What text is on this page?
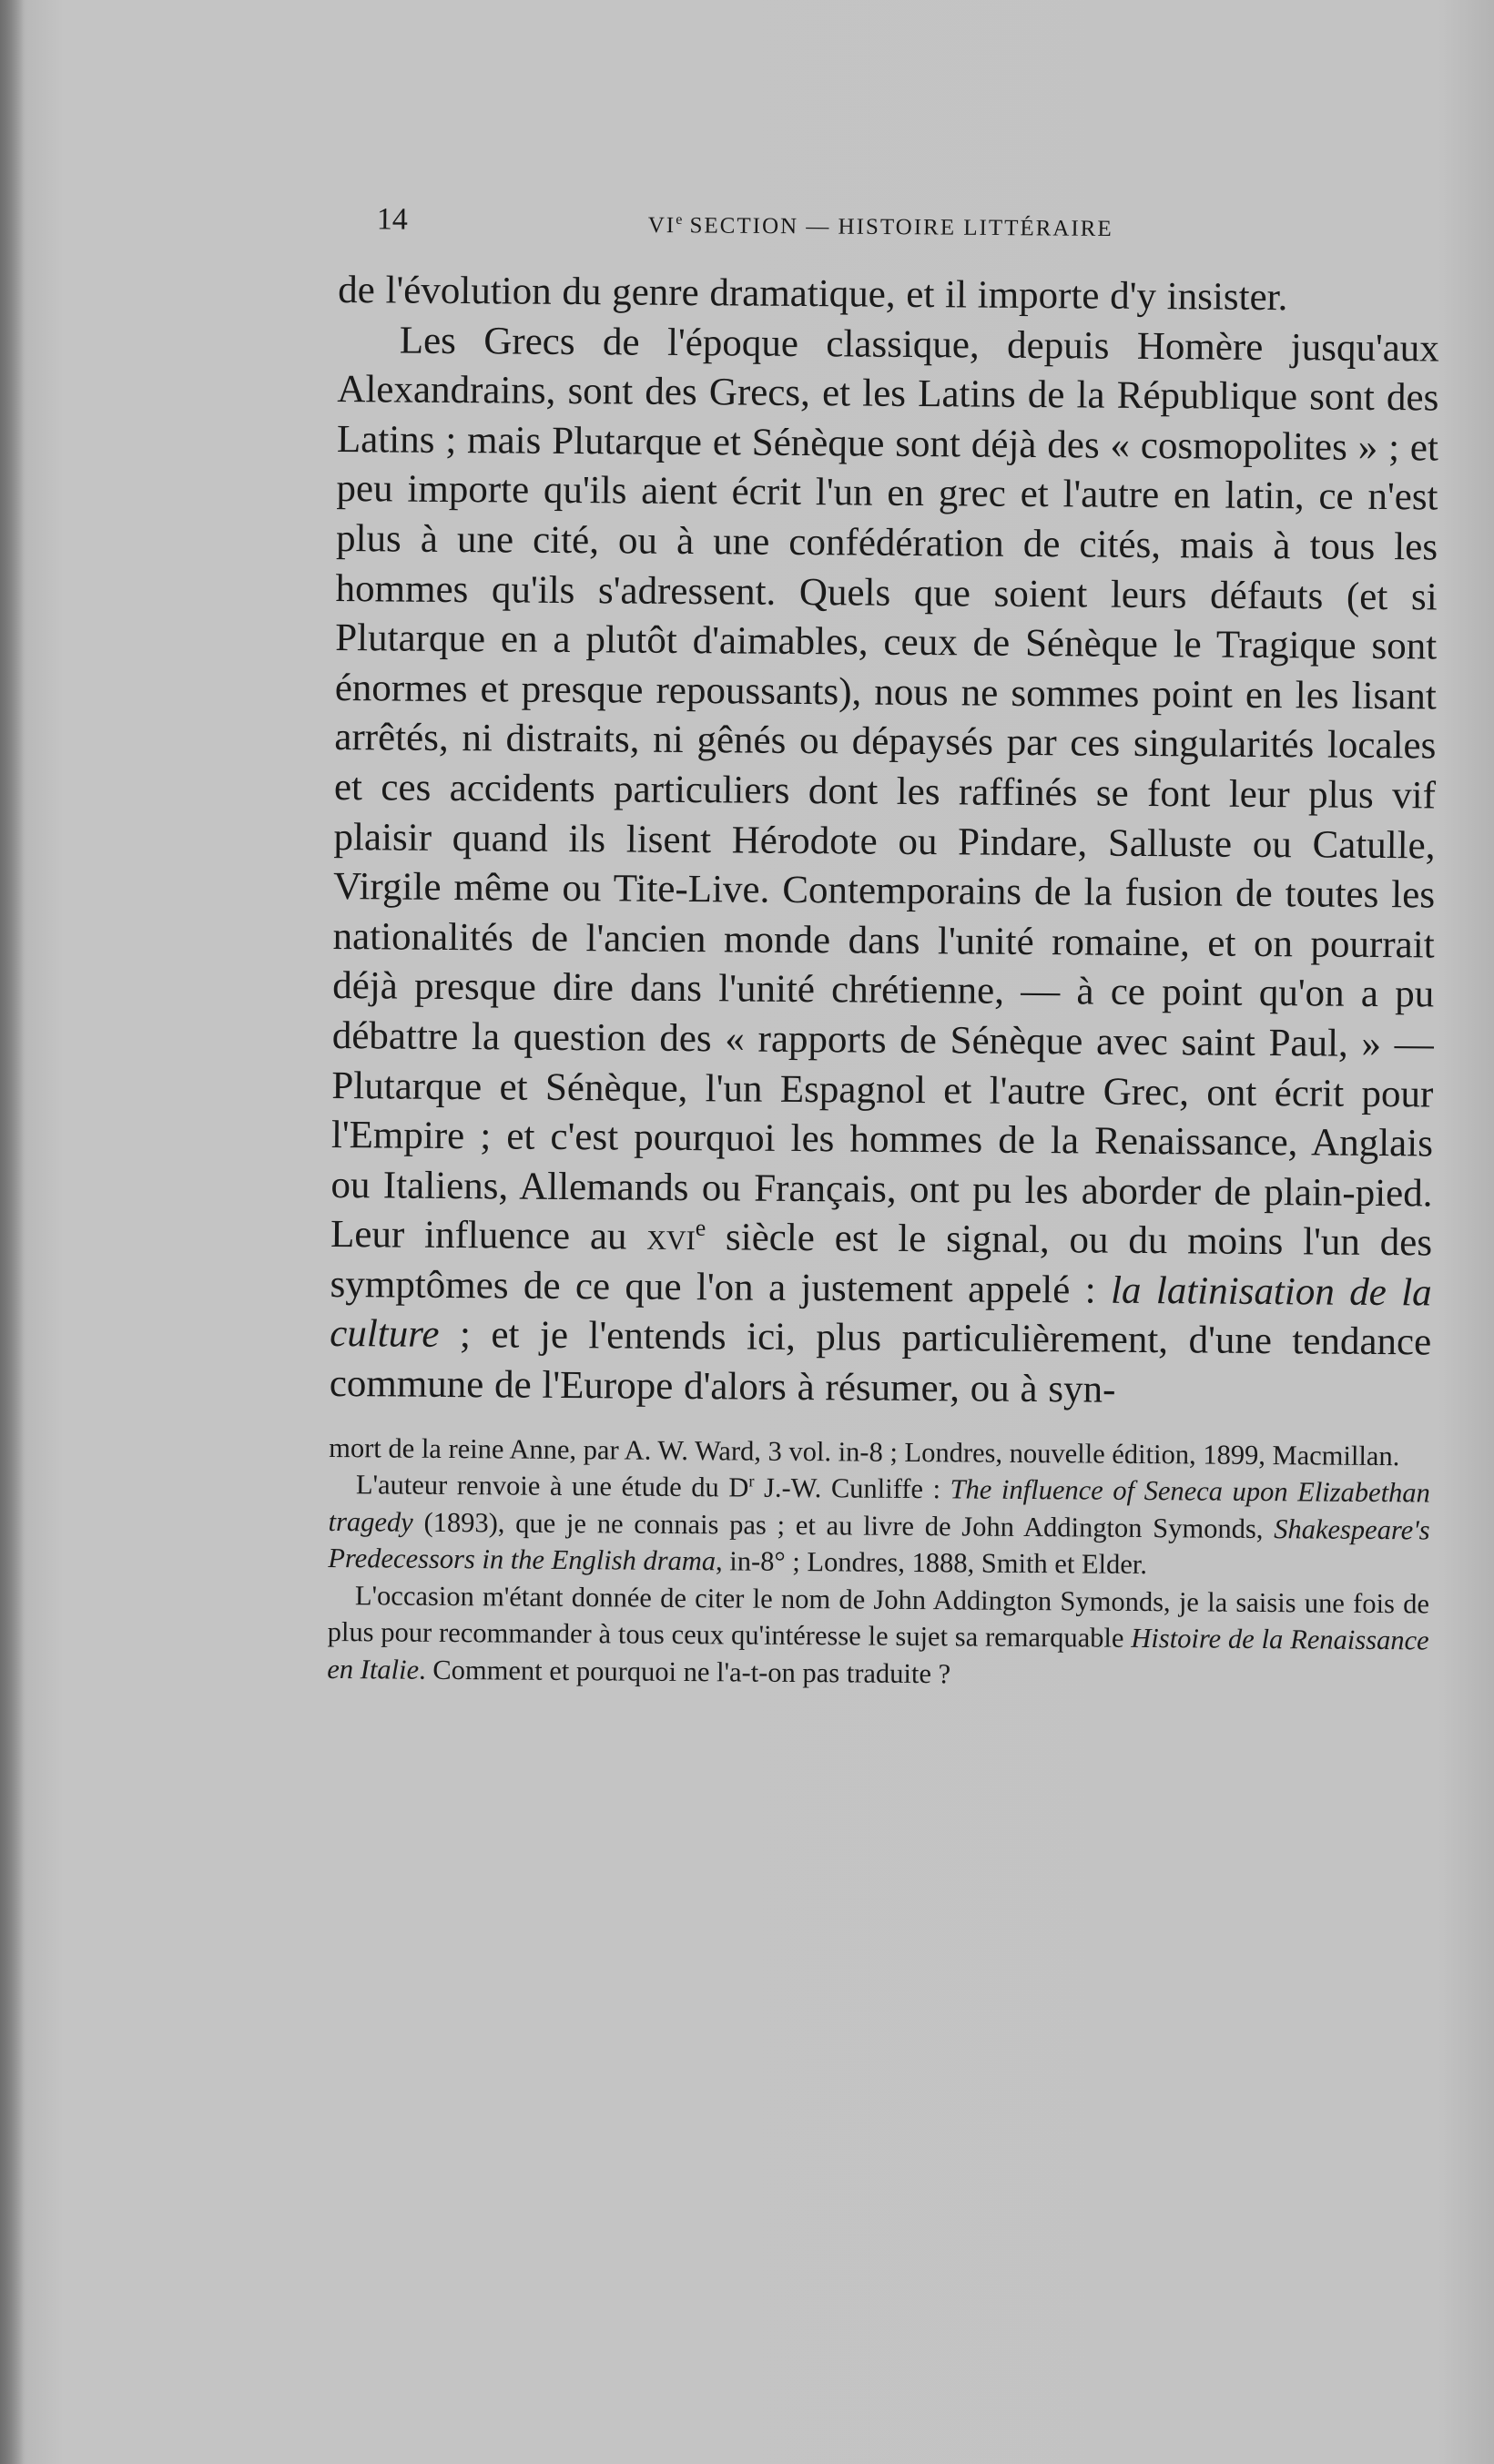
14	VIe SECTION — HISTOIRE LITTÉRAIRE

de l'évolution du genre dramatique, et il importe d'y insister.

Les Grecs de l'époque classique, depuis Homère jusqu'aux Alexandrains, sont des Grecs, et les Latins de la République sont des Latins ; mais Plutarque et Sénèque sont déjà des « cosmopolites » ; et peu importe qu'ils aient écrit l'un en grec et l'autre en latin, ce n'est plus à une cité, ou à une confédération de cités, mais à tous les hommes qu'ils s'adressent. Quels que soient leurs défauts (et si Plutarque en a plutôt d'aimables, ceux de Sénèque le Tragique sont énormes et presque repoussants), nous ne sommes point en les lisant arrêtés, ni distraits, ni gênés ou dépaysés par ces singularités locales et ces accidents particuliers dont les raffinés se font leur plus vif plaisir quand ils lisent Hérodote ou Pindare, Salluste ou Catulle, Virgile même ou Tite-Live. Contemporains de la fusion de toutes les nationalités de l'ancien monde dans l'unité romaine, et on pourrait déjà presque dire dans l'unité chrétienne, — à ce point qu'on a pu débattre la question des « rapports de Sénèque avec saint Paul, » — Plutarque et Sénèque, l'un Espagnol et l'autre Grec, ont écrit pour l'Empire ; et c'est pourquoi les hommes de la Renaissance, Anglais ou Italiens, Allemands ou Français, ont pu les aborder de plain-pied. Leur influence au xvi$^e$ siècle est le signal, ou du moins l'un des symptômes de ce que l'on a justement appelé : la latinisation de la culture ; et je l'entends ici, plus particulièrement, d'une tendance commune de l'Europe d'alors à résumer, ou à syn-

mort de la reine Anne, par A. W. Ward, 3 vol. in-8 ; Londres, nouvelle édition, 1899, Macmillan.

L'auteur renvoie à une étude du $D^r$ J.-W. Cunliffe : The influence of Seneca upon Elizabethan tragedy (1893), que je ne connais pas ; et au livre de John Addington Symonds, Shakespeare's Predecessors in the English drama, in-8° ; Londres, 1888, Smith et Elder.

L'occasion m'étant donnée de citer le nom de John Addington Symonds, je la saisis une fois de plus pour recommander à tous ceux qu'intéresse le sujet sa remarquable Histoire de la Renaissance en Italie. Comment et pourquoi ne l'a-t-on pas traduite ?
